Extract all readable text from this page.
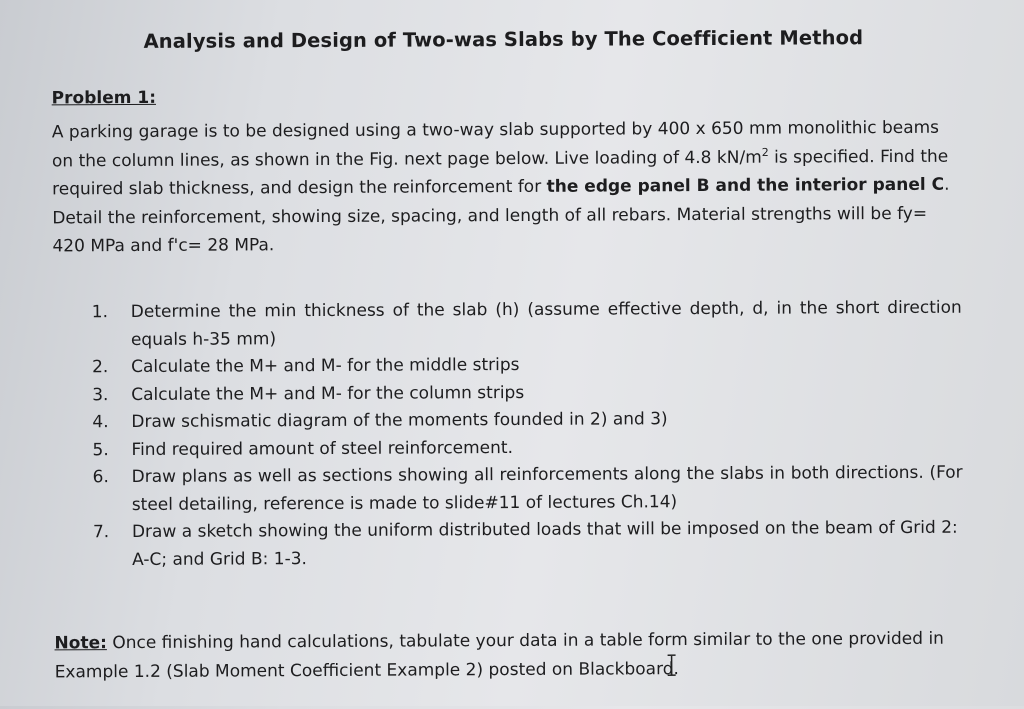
Analysis and Design of Two-was Slabs by The Coefficient Method
Problem 1:

A parking garage is to be designed using a two-way slab supported by 400 x 650 mm monolithic beams on the column lines, as shown in the Fig. next page below. Live loading of 4.8 $kN/m^2$ is specified. Find the required slab thickness, and design the reinforcement for the edge panel B and the interior panel C. Detail the reinforcement, showing size, spacing, and length of all rebars. Material strengths will be fy= 420 MPa and f'c= 28 MPa.

1.	Determine the min thickness of the slab (h) (assume effective depth, d, in the short direction equals h-35 mm)
2.	Calculate the M+ and M- for the middle strips
3.	Calculate the M+ and M- for the column strips
4.	Draw schismatic diagram of the moments founded in 2) and 3)
5.	Find required amount of steel reinforcement.
6.	Draw plans as well as sections showing all reinforcements along the slabs in both directions. (For steel detailing, reference is made to slide#11 of lectures Ch.14)
7.	Draw a sketch showing the uniform distributed loads that will be imposed on the beam of Grid 2: A-C; and Grid B: 1-3.

Note: Once finishing hand calculations, tabulate your data in a table form similar to the one provided in Example 1.2 (Slab Moment Coefficient Example 2) posted on Blackboard.
